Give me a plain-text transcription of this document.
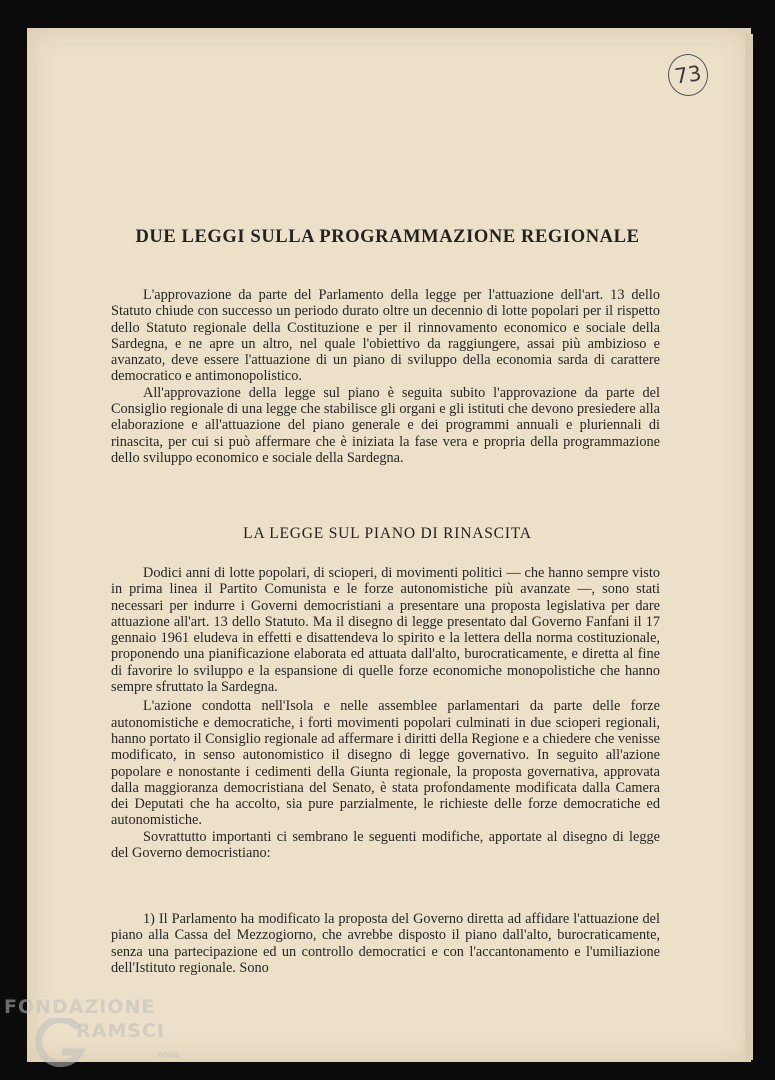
73
DUE LEGGI SULLA PROGRAMMAZIONE REGIONALE

L'approvazione da parte del Parlamento della legge per l'attuazione dell'art. 13 dello Statuto chiude con successo un periodo durato oltre un decennio di lotte popolari per il rispetto dello Statuto regionale della Costituzione e per il rinnovamento economico e sociale della Sardegna, e ne apre un altro, nel quale l'obiettivo da raggiungere, assai più ambizioso e avanzato, deve essere l'attuazione di un piano di sviluppo della economia sarda di carattere democratico e antimonopolistico.

All'approvazione della legge sul piano è seguita subito l'approvazione da parte del Consiglio regionale di una legge che stabilisce gli organi e gli istituti che devono presiedere alla elaborazione e all'attuazione del piano generale e dei programmi annuali e pluriennali di rinascita, per cui si può affermare che è iniziata la fase vera e propria della programmazione dello sviluppo economico e sociale della Sardegna.

LA LEGGE SUL PIANO DI RINASCITA

Dodici anni di lotte popolari, di scioperi, di movimenti politici — che hanno sempre visto in prima linea il Partito Comunista e le forze autonomistiche più avanzate —, sono stati necessari per indurre i Governi democristiani a presentare una proposta legislativa per dare attuazione all'art. 13 dello Statuto. Ma il disegno di legge presentato dal Governo Fanfani il 17 gennaio 1961 eludeva in effetti e disattendeva lo spirito e la lettera della norma costituzionale, proponendo una pianificazione elaborata ed attuata dall'alto, burocraticamente, e diretta al fine di favorire lo sviluppo e la espansione di quelle forze economiche monopolistiche che hanno sempre sfruttato la Sardegna.

L'azione condotta nell'Isola e nelle assemblee parlamentari da parte delle forze autonomistiche e democratiche, i forti movimenti popolari culminati in due scioperi regionali, hanno portato il Consiglio regionale ad affermare i diritti della Regione e a chiedere che venisse modificato, in senso autonomistico il disegno di legge governativo. In seguito all'azione popolare e nonostante i cedimenti della Giunta regionale, la proposta governativa, approvata dalla maggioranza democristiana del Senato, è stata profondamente modificata dalla Camera dei Deputati che ha accolto, sia pure parzialmente, le richieste delle forze democratiche ed autonomistiche.

Sovrattutto importanti ci sembrano le seguenti modifiche, apportate al disegno di legge del Governo democristiano:

1) Il Parlamento ha modificato la proposta del Governo diretta ad affidare l'attuazione del piano alla Cassa del Mezzogiorno, che avrebbe disposto il piano dall'alto, burocraticamente, senza una partecipazione ed un controllo democratici e con l'accantonamento e l'umiliazione dell'Istituto regionale. Sono

FONDAZIONE
RAMSCI
onlus
